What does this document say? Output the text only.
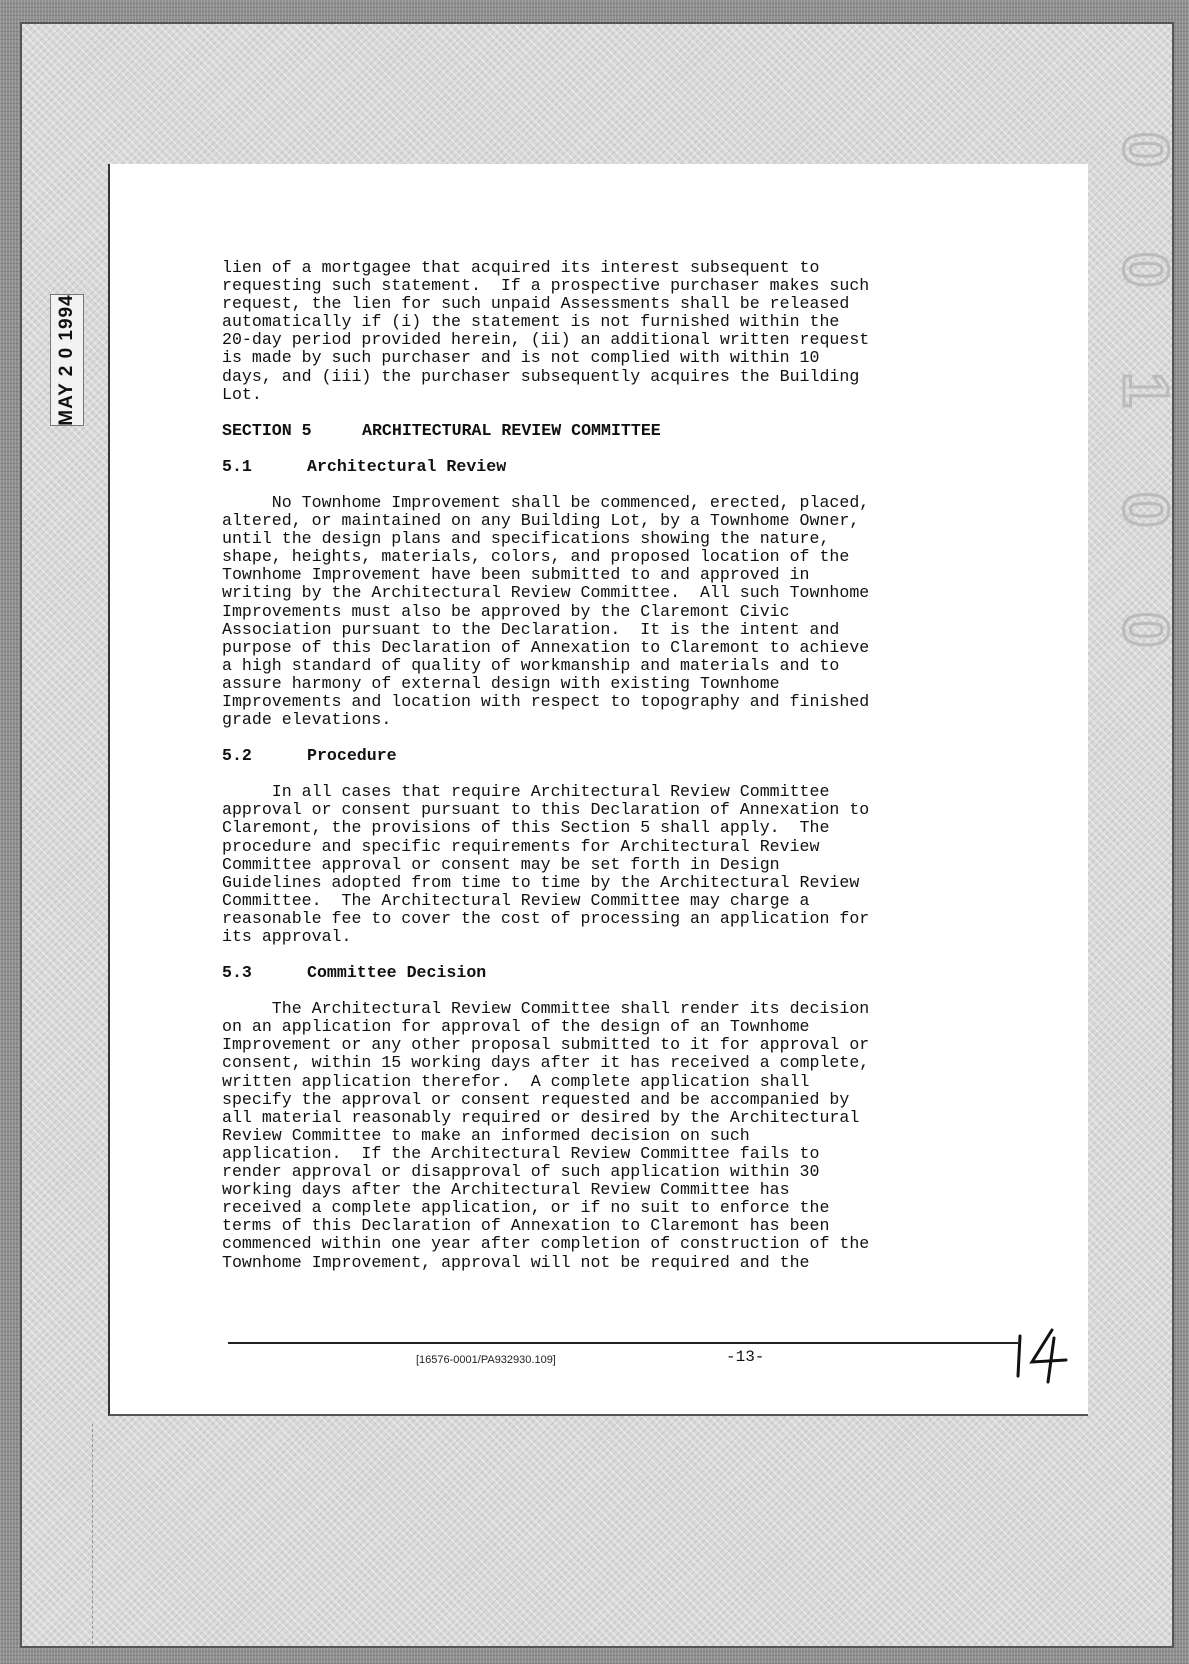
MAY 2 0 1994
0
0
1
0
0

lien of a mortgagee that acquired its interest subsequent to

requesting such statement.  If a prospective purchaser makes such

request, the lien for such unpaid Assessments shall be released

automatically if (i) the statement is not furnished within the

20-day period provided herein, (ii) an additional written request

is made by such purchaser and is not complied with within 10

days, and (iii) the purchaser subsequently acquires the Building

Lot.

SECTION 5	ARCHITECTURAL REVIEW COMMITTEE

5.1	Architectural Review

No Townhome Improvement shall be commenced, erected, placed,

altered, or maintained on any Building Lot, by a Townhome Owner,

until the design plans and specifications showing the nature,

shape, heights, materials, colors, and proposed location of the

Townhome Improvement have been submitted to and approved in

writing by the Architectural Review Committee.  All such Townhome

Improvements must also be approved by the Claremont Civic

Association pursuant to the Declaration.  It is the intent and

purpose of this Declaration of Annexation to Claremont to achieve

a high standard of quality of workmanship and materials and to

assure harmony of external design with existing Townhome

Improvements and location with respect to topography and finished

grade elevations.

5.2	Procedure

In all cases that require Architectural Review Committee

approval or consent pursuant to this Declaration of Annexation to

Claremont, the provisions of this Section 5 shall apply.  The

procedure and specific requirements for Architectural Review

Committee approval or consent may be set forth in Design

Guidelines adopted from time to time by the Architectural Review

Committee.  The Architectural Review Committee may charge a

reasonable fee to cover the cost of processing an application for

its approval.

5.3	Committee Decision

The Architectural Review Committee shall render its decision

on an application for approval of the design of an Townhome

Improvement or any other proposal submitted to it for approval or

consent, within 15 working days after it has received a complete,

written application therefor.  A complete application shall

specify the approval or consent requested and be accompanied by

all material reasonably required or desired by the Architectural

Review Committee to make an informed decision on such

application.  If the Architectural Review Committee fails to

render approval or disapproval of such application within 30

working days after the Architectural Review Committee has

received a complete application, or if no suit to enforce the

terms of this Declaration of Annexation to Claremont has been

commenced within one year after completion of construction of the

Townhome Improvement, approval will not be required and the

[16576-0001/PA932930.109]	-13-
